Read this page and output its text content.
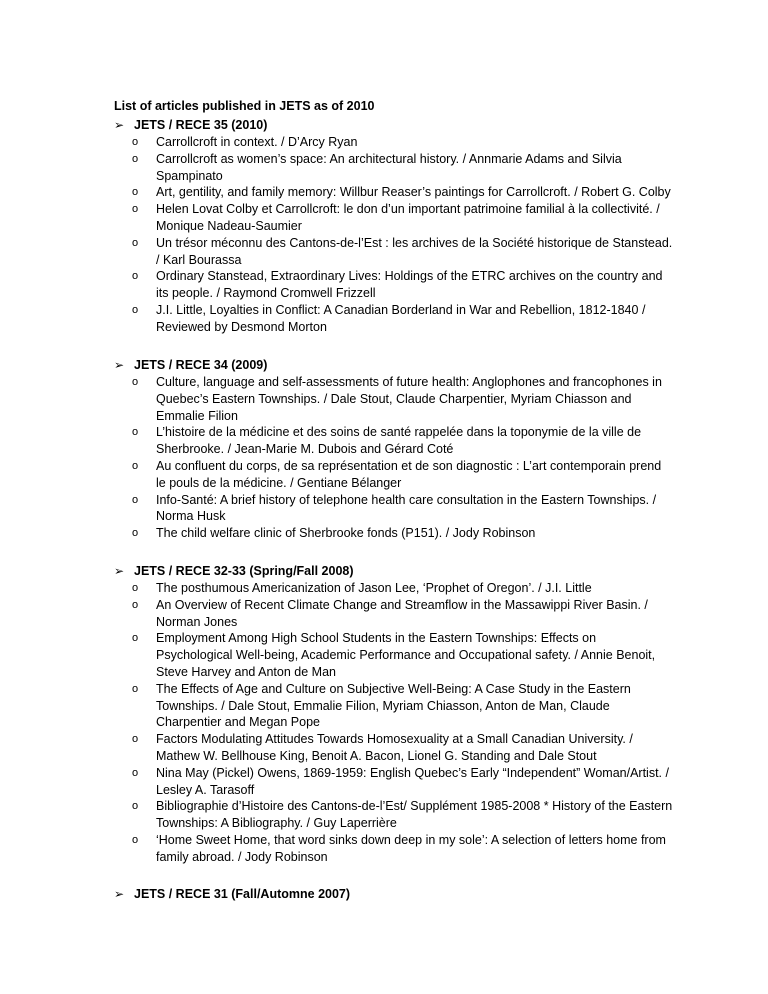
List of articles published in JETS as of 2010
➢ JETS / RECE 35 (2010)
o	Carrollcroft in context. / D’Arcy Ryan
o	Carrollcroft as women’s space: An architectural history. / Annmarie Adams and Silvia Spampinato
o	Art, gentility, and family memory: Willbur Reaser’s paintings for Carrollcroft. / Robert G. Colby
o	Helen Lovat Colby et Carrollcroft: le don d’un important patrimoine familial à la collectivité. / Monique Nadeau-Saumier
o	Un trésor méconnu des Cantons-de-l’Est : les archives de la Société historique de Stanstead. / Karl Bourassa
o	Ordinary Stanstead, Extraordinary Lives: Holdings of the ETRC archives on the country and its people. / Raymond Cromwell Frizzell
o	J.I. Little, Loyalties in Conflict: A Canadian Borderland in War and Rebellion, 1812-1840 / Reviewed by Desmond Morton
➢ JETS / RECE 34 (2009)
o	Culture, language and self-assessments of future health: Anglophones and francophones in Quebec’s Eastern Townships. / Dale Stout, Claude Charpentier, Myriam Chiasson and Emmalie Filion
o	L’histoire de la médicine et des soins de santé rappelée dans la toponymie de la ville de Sherbrooke. / Jean-Marie M. Dubois and Gérard Coté
o	Au confluent du corps, de sa représentation et de son diagnostic : L’art contemporain prend le pouls de la médicine. / Gentiane Bélanger
o	Info-Santé: A brief history of telephone health care consultation in the Eastern Townships. / Norma Husk
o	The child welfare clinic of Sherbrooke fonds (P151). / Jody Robinson
➢ JETS / RECE 32-33 (Spring/Fall 2008)
o	The posthumous Americanization of Jason Lee, ‘Prophet of Oregon’. / J.I. Little
o	An Overview of Recent Climate Change and Streamflow in the Massawippi River Basin. / Norman Jones
o	Employment Among High School Students in the Eastern Townships: Effects on Psychological Well-being, Academic Performance and Occupational safety. / Annie Benoit, Steve Harvey and Anton de Man
o	The Effects of Age and Culture on Subjective Well-Being: A Case Study in the Eastern Townships. / Dale Stout, Emmalie Filion, Myriam Chiasson, Anton de Man, Claude Charpentier and Megan Pope
o	Factors Modulating Attitudes Towards Homosexuality at a Small Canadian University. / Mathew W. Bellhouse King, Benoit A. Bacon, Lionel G. Standing and Dale Stout
o	Nina May (Pickel) Owens, 1869-1959: English Quebec’s Early “Independent” Woman/Artist. / Lesley A. Tarasoff
o	Bibliographie d’Histoire des Cantons-de-l’Est/ Supplément 1985-2008 * History of the Eastern Townships: A Bibliography. / Guy Laperrière
o	‘Home Sweet Home, that word sinks down deep in my sole’: A selection of letters home from family abroad. / Jody Robinson
➢ JETS / RECE 31 (Fall/Automne 2007)
